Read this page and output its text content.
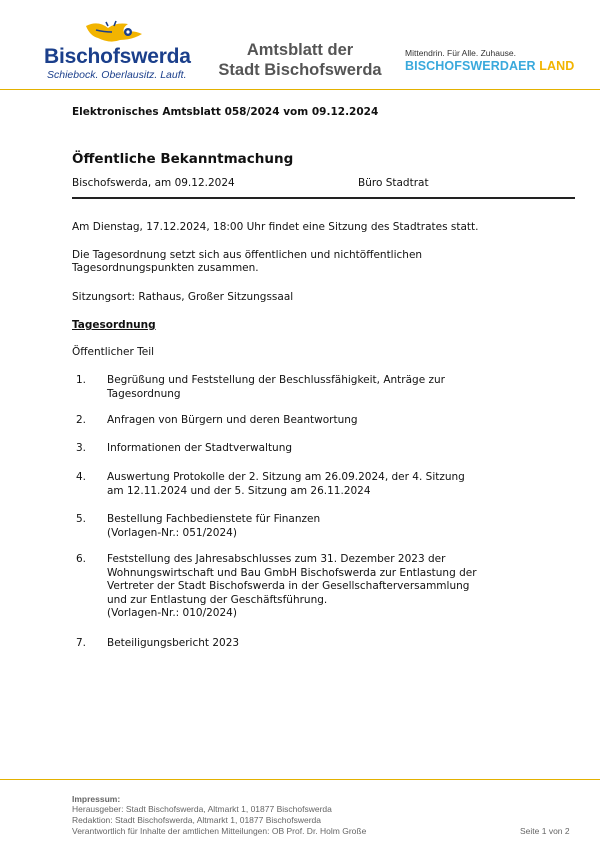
Bischofswerda
Schiebock. Oberlausitz. Lauft.
Amtsblatt der
Stadt Bischofswerda
Mittendrin. Für Alle. Zuhause.
BISCHOFSWERDAER LAND
Elektronisches Amtsblatt 058/2024 vom 09.12.2024
Öffentliche Bekanntmachung
Bischofswerda, am 09.12.2024	Büro Stadtrat
Am Dienstag, 17.12.2024, 18:00 Uhr findet eine Sitzung des Stadtrates statt.
Die Tagesordnung setzt sich aus öffentlichen und nichtöffentlichen Tagesordnungspunkten zusammen.
Sitzungsort: Rathaus, Großer Sitzungssaal
Tagesordnung
Öffentlicher Teil
1. Begrüßung und Feststellung der Beschlussfähigkeit, Anträge zur Tagesordnung
2. Anfragen von Bürgern und deren Beantwortung
3. Informationen der Stadtverwaltung
4. Auswertung Protokolle der 2. Sitzung am 26.09.2024, der 4. Sitzung am 12.11.2024 und der 5. Sitzung am 26.11.2024
5. Bestellung Fachbedienstete für Finanzen
(Vorlagen-Nr.: 051/2024)
6. Feststellung des Jahresabschlusses zum 31. Dezember 2023 der Wohnungswirtschaft und Bau GmbH Bischofswerda zur Entlastung der Vertreter der Stadt Bischofswerda in der Gesellschafterversammlung und zur Entlastung der Geschäftsführung.
(Vorlagen-Nr.: 010/2024)
7. Beteiligungsbericht 2023
Impressum:
Herausgeber: Stadt Bischofswerda, Altmarkt 1, 01877 Bischofswerda
Redaktion: Stadt Bischofswerda, Altmarkt 1, 01877 Bischofswerda
Verantwortlich für Inhalte der amtlichen Mitteilungen: OB Prof. Dr. Holm Große	Seite 1 von 2
